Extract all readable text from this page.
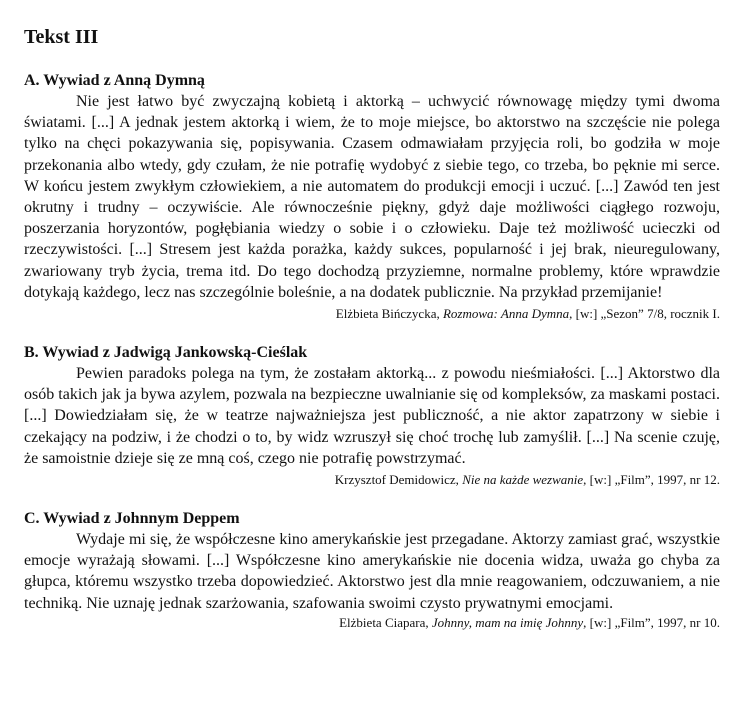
Tekst III

A. Wywiad z Anną Dymną

Nie jest łatwo być zwyczajną kobietą i aktorką – uchwycić równowagę między tymi dwoma światami. [...] A jednak jestem aktorką i wiem, że to moje miejsce, bo aktorstwo na szczęście nie polega tylko na chęci pokazywania się, popisywania. Czasem odmawiałam przyjęcia roli, bo godziła w moje przekonania albo wtedy, gdy czułam, że nie potrafię wydobyć z siebie tego, co trzeba, bo pęknie mi serce. W końcu jestem zwykłym człowiekiem, a nie automatem do produkcji emocji i uczuć. [...] Zawód ten jest okrutny i trudny – oczywiście. Ale równocześnie piękny, gdyż daje możliwości ciągłego rozwoju, poszerzania horyzontów, pogłębiania wiedzy o sobie i o człowieku. Daje też możliwość ucieczki od rzeczywistości. [...] Stresem jest każda porażka, każdy sukces, popularność i jej brak, nieuregulowany, zwariowany tryb życia, trema itd. Do tego dochodzą przyziemne, normalne problemy, które wprawdzie dotykają każdego, lecz nas szczególnie boleśnie, a na dodatek publicznie. Na przykład przemijanie!

Elżbieta Bińczycka, Rozmowa: Anna Dymna, [w:] „Sezon” 7/8, rocznik I.

B. Wywiad z Jadwigą Jankowską-Cieślak

Pewien paradoks polega na tym, że zostałam aktorką... z powodu nieśmiałości. [...] Aktorstwo dla osób takich jak ja bywa azylem, pozwala na bezpieczne uwalnianie się od kompleksów, za maskami postaci. [...] Dowiedziałam się, że w teatrze najważniejsza jest publiczność, a nie aktor zapatrzony w siebie i czekający na podziw, i że chodzi o to, by widz wzruszył się choć trochę lub zamyślił. [...] Na scenie czuję, że samoistnie dzieje się ze mną coś, czego nie potrafię powstrzymać.

Krzysztof Demidowicz, Nie na każde wezwanie, [w:] „Film”, 1997, nr 12.

C. Wywiad z Johnnym Deppem

Wydaje mi się, że współczesne kino amerykańskie jest przegadane. Aktorzy zamiast grać, wszystkie emocje wyrażają słowami. [...] Współczesne kino amerykańskie nie docenia widza, uważa go chyba za głupca, któremu wszystko trzeba dopowiedzieć. Aktorstwo jest dla mnie reagowaniem, odczuwaniem, a nie techniką. Nie uznaję jednak szarżowania, szafowania swoimi czysto prywatnymi emocjami.

Elżbieta Ciapara, Johnny, mam na imię Johnny, [w:] „Film”, 1997, nr 10.
